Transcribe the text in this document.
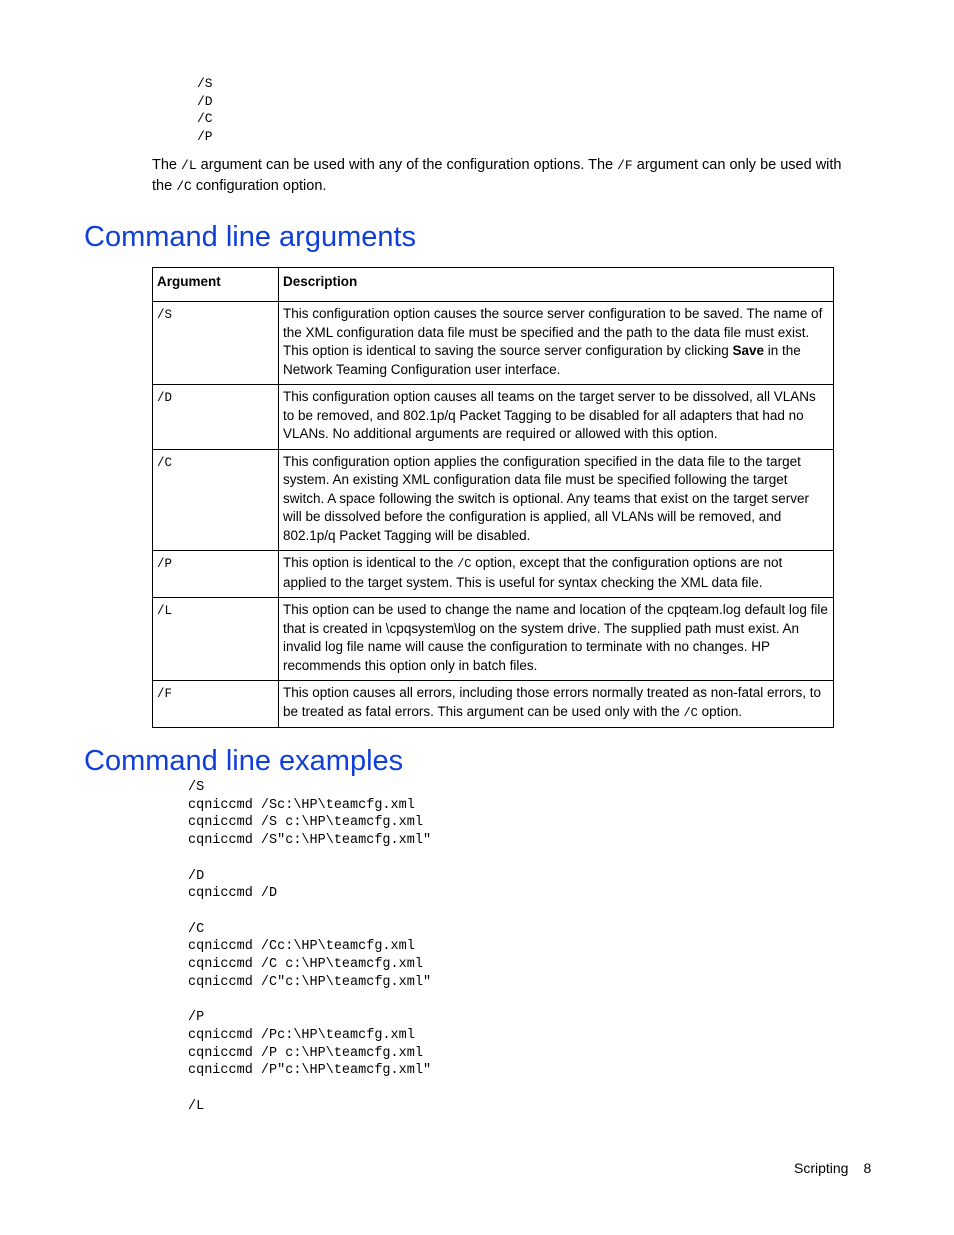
/S
/D
/C
/P

The /L argument can be used with any of the configuration options. The /F argument can only be used with the /C configuration option.

Command line arguments
Argument	Description
/S	This configuration option causes the source server configuration to be saved. The name of the XML configuration data file must be specified and the path to the data file must exist. This option is identical to saving the source server configuration by clicking Save in the Network Teaming Configuration user interface.
/D	This configuration option causes all teams on the target server to be dissolved, all VLANs to be removed, and 802.1p/q Packet Tagging to be disabled for all adapters that had no VLANs. No additional arguments are required or allowed with this option.
/C	This configuration option applies the configuration specified in the data file to the target system. An existing XML configuration data file must be specified following the target switch. A space following the switch is optional. Any teams that exist on the target server will be dissolved before the configuration is applied, all VLANs will be removed, and 802.1p/q Packet Tagging will be disabled.
/P	This option is identical to the /C option, except that the configuration options are not applied to the target system. This is useful for syntax checking the XML data file.
/L	This option can be used to change the name and location of the cpqteam.log default log file that is created in \cpqsystem\log on the system drive. The supplied path must exist. An invalid log file name will cause the configuration to terminate with no changes. HP recommends this option only in batch files.
/F	This option causes all errors, including those errors normally treated as non-fatal errors, to be treated as fatal errors. This argument can be used only with the /C option.
Command line examples
/S
cqniccmd /Sc:\HP\teamcfg.xml
cqniccmd /S c:\HP\teamcfg.xml
cqniccmd /S"c:\HP\teamcfg.xml"
/D
cqniccmd /D
/C
cqniccmd /Cc:\HP\teamcfg.xml
cqniccmd /C c:\HP\teamcfg.xml
cqniccmd /C"c:\HP\teamcfg.xml"
/P
cqniccmd /Pc:\HP\teamcfg.xml
cqniccmd /P c:\HP\teamcfg.xml
cqniccmd /P"c:\HP\teamcfg.xml"
/L
Scripting 8
